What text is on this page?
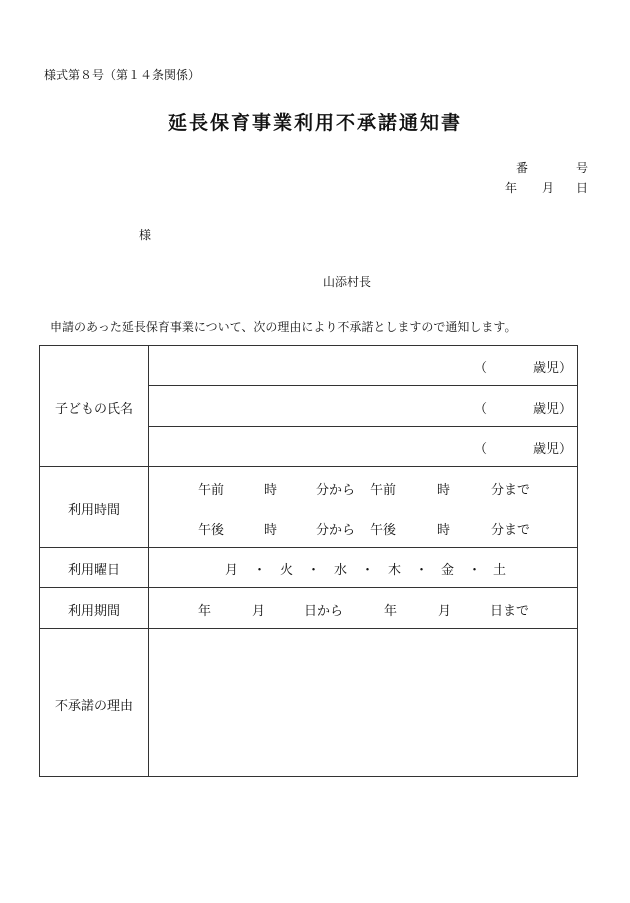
様式第８号（第１４条関係）
延長保育事業利用不承諾通知書
番	号
年 月 日
様
山添村長
申請のあった延長保育事業について、次の理由により不承諾としますので通知します。
子どもの氏名
（	歳児）
（	歳児）
（	歳児）
利用時間
午前	時	分から 午前	時	分まで
午後	時	分から 午後	時	分まで
利用曜日	月 ・ 火 ・ 水 ・ 木 ・ 金 ・ 土
利用期間	年	月	日から	年	月	日まで
不承諾の理由
